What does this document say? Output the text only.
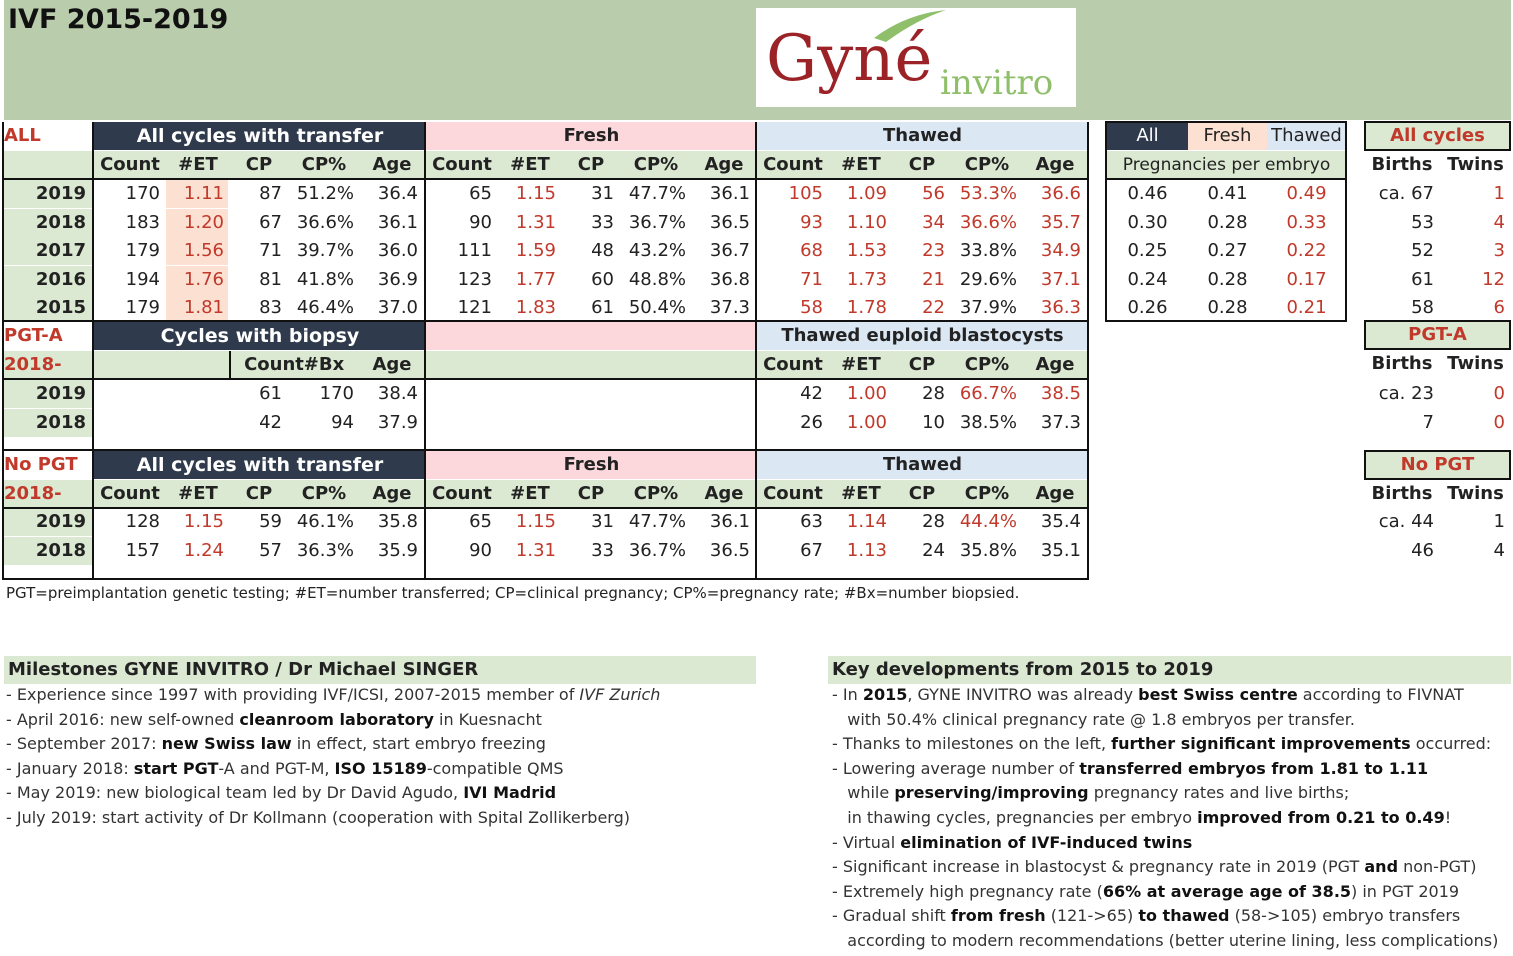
IVF 2015-2019
Gyné invitro
ALL	All cycles with transfer	Fresh	Thawed
Count	#ET	CP	CP%	Age	Count	#ET	CP	CP%	Age	Count	#ET	CP	CP%	Age
2019	170	1.11	87 51.2%	36.4	65	1.15	31 47.7%	36.1	105	1.09	56 53.3%	36.6	0.46	0.41	0.49	ca. 67	1
2018	183	1.20	67 36.6%	36.1	90	1.31	33 36.7%	36.5	93	1.10	34 36.6%	35.7	0.30	0.28	0.33	53	4
2017	179	1.56	71 39.7%	36.0	111	1.59	48 43.2%	36.7	68	1.53	23 33.8%	34.9	0.25	0.27	0.22	52	3
2016	194	1.76	81 41.8%	36.9	123	1.77	60 48.8%	36.8	71	1.73	21 29.6%	37.1	0.24	0.28	0.17	61	12
2015	179	1.81	83 46.4%	37.0	121	1.83	61 50.4%	37.3	58	1.78	22 37.9%	36.3	0.26	0.28	0.21	58	6
All	Fresh	Thawed
Pregnancies per embryo
All cycles
Births Twins
PGT-A
2018-
Cycles with biopsy	Thawed euploid blastocysts
Count #Bx	Age	Count	#ET	CP	CP%	Age
2019	61	170	38.4	42	1.00	28 66.7%	38.5	ca. 23	0
2018	42	94	37.9	26	1.00	10 38.5%	37.3	7	0
PGT-A
Births Twins
No PGT
2018-
All cycles with transfer	Fresh	Thawed
Count	#ET	CP	CP%	Age	Count	#ET	CP	CP%	Age	Count	#ET	CP	CP%	Age
2019	128	1.15	59 46.1%	35.8	65	1.15	31 47.7%	36.1	63	1.14	28 44.4%	35.4	ca. 44	1
2018	157	1.24	57 36.3%	35.9	90	1.31	33 36.7%	36.5	67	1.13	24 35.8%	35.1	46	4
No PGT
Births Twins
PGT=preimplantation genetic testing; #ET=number transferred; CP=clinical pregnancy; CP%=pregnancy rate; #Bx=number biopsied.
Milestones GYNE INVITRO / Dr Michael SINGER
- Experience since 1997 with providing IVF/ICSI, 2007-2015 member of IVF Zurich
- April 2016: new self-owned cleanroom laboratory in Kuesnacht
- September 2017: new Swiss law in effect, start embryo freezing
- January 2018: start PGT-A and PGT-M, ISO 15189-compatible QMS
- May 2019: new biological team led by Dr David Agudo, IVI Madrid
- July 2019: start activity of Dr Kollmann (cooperation with Spital Zollikerberg)
Key developments from 2015 to 2019
- In 2015, GYNE INVITRO was already best Swiss centre according to FIVNAT
with 50.4% clinical pregnancy rate @ 1.8 embryos per transfer.
- Thanks to milestones on the left, further significant improvements occurred:
- Lowering average number of transferred embryos from 1.81 to 1.11
while preserving/improving pregnancy rates and live births;
in thawing cycles, pregnancies per embryo improved from 0.21 to 0.49!
- Virtual elimination of IVF-induced twins
- Significant increase in blastocyst & pregnancy rate in 2019 (PGT and non-PGT)
- Extremely high pregnancy rate (66% at average age of 38.5) in PGT 2019
- Gradual shift from fresh (121->65) to thawed (58->105) embryo transfers
according to modern recommendations (better uterine lining, less complications)
